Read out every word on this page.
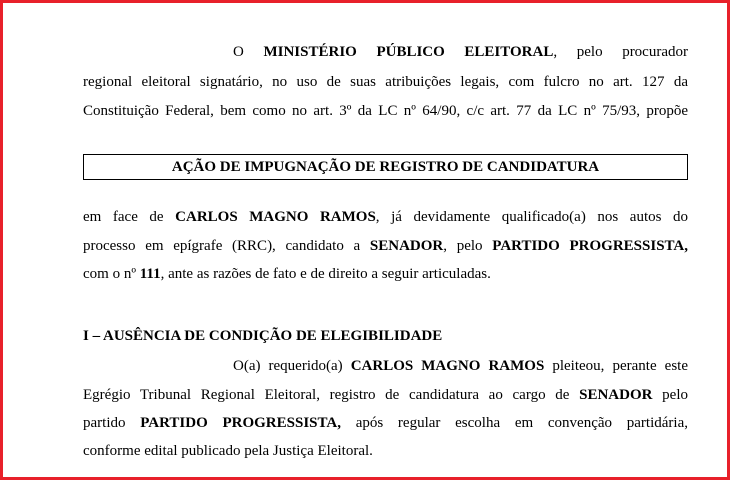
O MINISTÉRIO PÚBLICO ELEITORAL, pelo procurador
regional eleitoral signatário, no uso de suas atribuições legais, com fulcro no art. 127 da
Constituição Federal, bem como no art. 3º da LC nº 64/90, c/c art. 77 da LC nº 75/93, propõe
AÇÃO DE IMPUGNAÇÃO DE REGISTRO DE CANDIDATURA
em face de CARLOS MAGNO RAMOS, já devidamente qualificado(a) nos autos do
processo em epígrafe (RRC), candidato a SENADOR, pelo PARTIDO PROGRESSISTA,
com o nº 111, ante as razões de fato e de direito a seguir articuladas.
I – AUSÊNCIA DE CONDIÇÃO DE ELEGIBILIDADE
O(a) requerido(a) CARLOS MAGNO RAMOS pleiteou, perante este
Egrégio Tribunal Regional Eleitoral, registro de candidatura ao cargo de SENADOR pelo
partido PARTIDO PROGRESSISTA, após regular escolha em convenção partidária,
conforme edital publicado pela Justiça Eleitoral.
